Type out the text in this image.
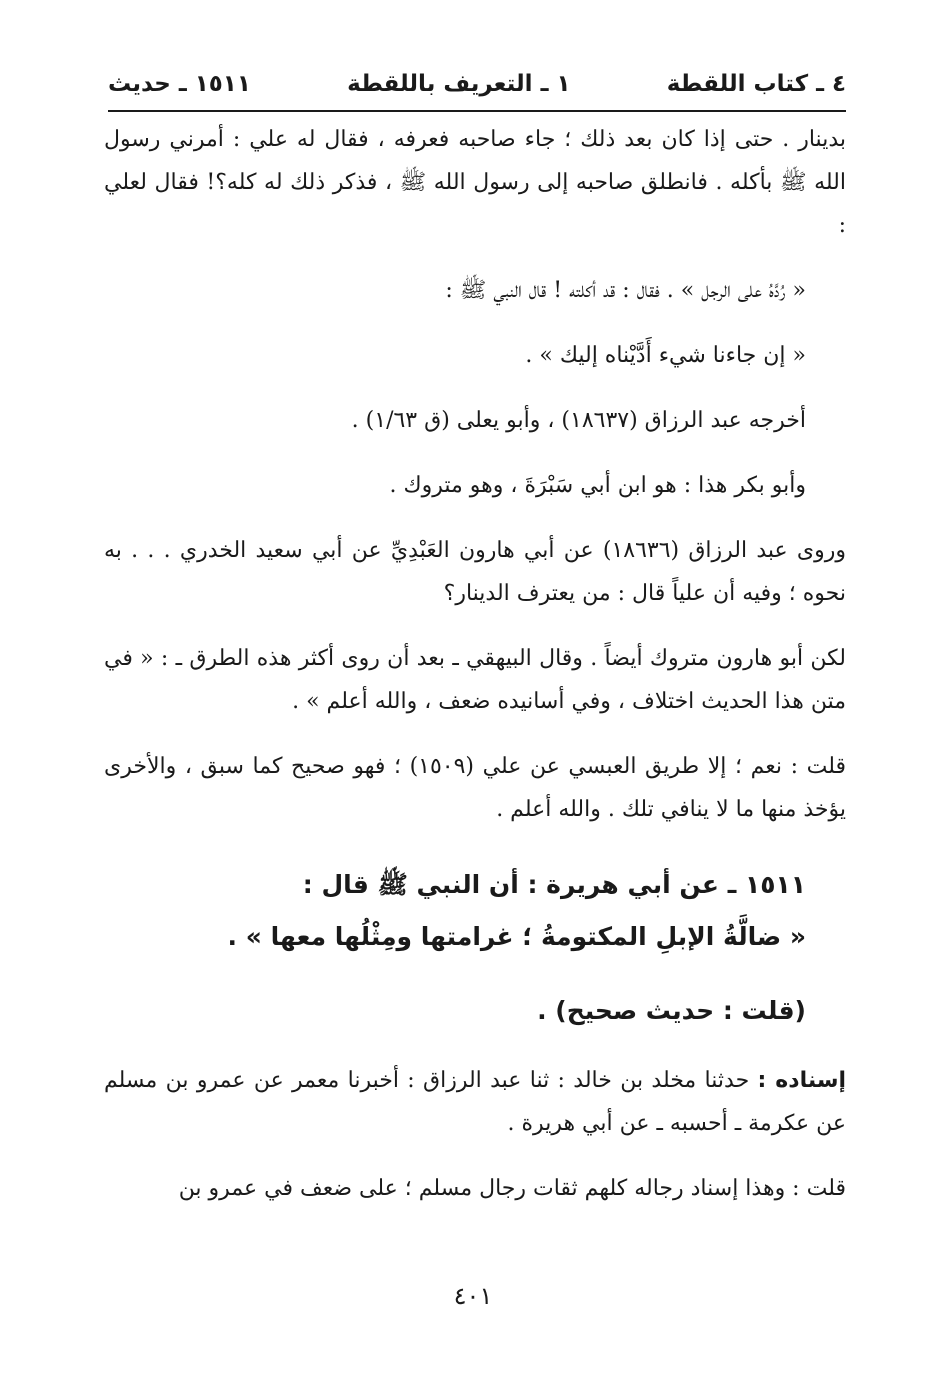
٤ ـ كتاب اللقطة
١ ـ التعريف باللقطة
١٥١١ ـ حديث

بدينار . حتى إذا كان بعد ذلك ؛ جاء صاحبه فعرفه ، فقال له علي : أمرني رسول الله ﷺ بأكله . فانطلق صاحبه إلى رسول الله ﷺ ، فذكر ذلك له كله؟! فقال لعلي :

« رُدَّهُ على الرجل » . فقال : قد أكلته ! قال النبي ﷺ :

« إن جاءنا شيء أَدَّيْناه إليك » .

أخرجه عبد الرزاق (١٨٦٣٧) ، وأبو يعلى (ق ١/٦٣) .

وأبو بكر هذا : هو ابن أبي سَبْرَةَ ، وهو متروك .

وروى عبد الرزاق (١٨٦٣٦) عن أبي هارون العَبْدِيِّ عن أبي سعيد الخدري . . . به نحوه ؛ وفيه أن علياً قال : من يعترف الدينار؟

لكن أبو هارون متروك أيضاً . وقال البيهقي ـ بعد أن روى أكثر هذه الطرق ـ : « في متن هذا الحديث اختلاف ، وفي أسانيده ضعف ، والله أعلم » .

قلت : نعم ؛ إلا طريق العبسي عن علي (١٥٠٩) ؛ فهو صحيح كما سبق ، والأخرى يؤخذ منها ما لا ينافي تلك . والله أعلم .

١٥١١ ـ عن أبي هريرة : أن النبي ﷺ قال :

« ضالَّةُ الإبلِ المكتومةُ ؛ غرامتها ومِثْلُها معها » .

(قلت : حديث صحيح) .

إسناده : حدثنا مخلد بن خالد : ثنا عبد الرزاق : أخبرنا معمر عن عمرو بن مسلم عن عكرمة ـ أحسبه ـ عن أبي هريرة .

قلت : وهذا إسناد رجاله كلهم ثقات رجال مسلم ؛ على ضعف في عمرو بن

٤٠١
